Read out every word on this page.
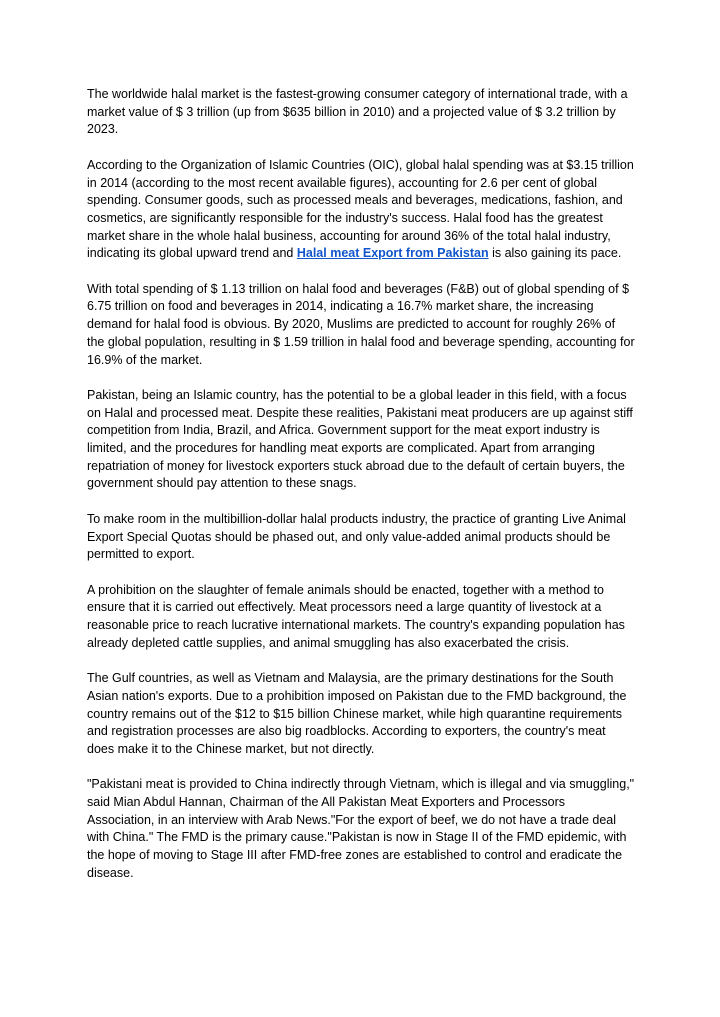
The worldwide halal market is the fastest-growing consumer category of international trade, with a market value of $ 3 trillion (up from $635 billion in 2010) and a projected value of $ 3.2 trillion by 2023.

According to the Organization of Islamic Countries (OIC), global halal spending was at $3.15 trillion in 2014 (according to the most recent available figures), accounting for 2.6 per cent of global spending. Consumer goods, such as processed meals and beverages, medications, fashion, and cosmetics, are significantly responsible for the industry's success. Halal food has the greatest market share in the whole halal business, accounting for around 36% of the total halal industry, indicating its global upward trend and Halal meat Export from Pakistan is also gaining its pace.

With total spending of $ 1.13 trillion on halal food and beverages (F&B) out of global spending of $ 6.75 trillion on food and beverages in 2014, indicating a 16.7% market share, the increasing demand for halal food is obvious. By 2020, Muslims are predicted to account for roughly 26% of the global population, resulting in $ 1.59 trillion in halal food and beverage spending, accounting for 16.9% of the market.

Pakistan, being an Islamic country, has the potential to be a global leader in this field, with a focus on Halal and processed meat. Despite these realities, Pakistani meat producers are up against stiff competition from India, Brazil, and Africa. Government support for the meat export industry is limited, and the procedures for handling meat exports are complicated. Apart from arranging repatriation of money for livestock exporters stuck abroad due to the default of certain buyers, the government should pay attention to these snags.

To make room in the multibillion-dollar halal products industry, the practice of granting Live Animal Export Special Quotas should be phased out, and only value-added animal products should be permitted to export.

A prohibition on the slaughter of female animals should be enacted, together with a method to ensure that it is carried out effectively. Meat processors need a large quantity of livestock at a reasonable price to reach lucrative international markets. The country's expanding population has already depleted cattle supplies, and animal smuggling has also exacerbated the crisis.

The Gulf countries, as well as Vietnam and Malaysia, are the primary destinations for the South Asian nation's exports. Due to a prohibition imposed on Pakistan due to the FMD background, the country remains out of the $12 to $15 billion Chinese market, while high quarantine requirements and registration processes are also big roadblocks. According to exporters, the country's meat does make it to the Chinese market, but not directly.

"Pakistani meat is provided to China indirectly through Vietnam, which is illegal and via smuggling," said Mian Abdul Hannan, Chairman of the All Pakistan Meat Exporters and Processors Association, in an interview with Arab News."For the export of beef, we do not have a trade deal with China." The FMD is the primary cause."Pakistan is now in Stage II of the FMD epidemic, with the hope of moving to Stage III after FMD-free zones are established to control and eradicate the disease.
